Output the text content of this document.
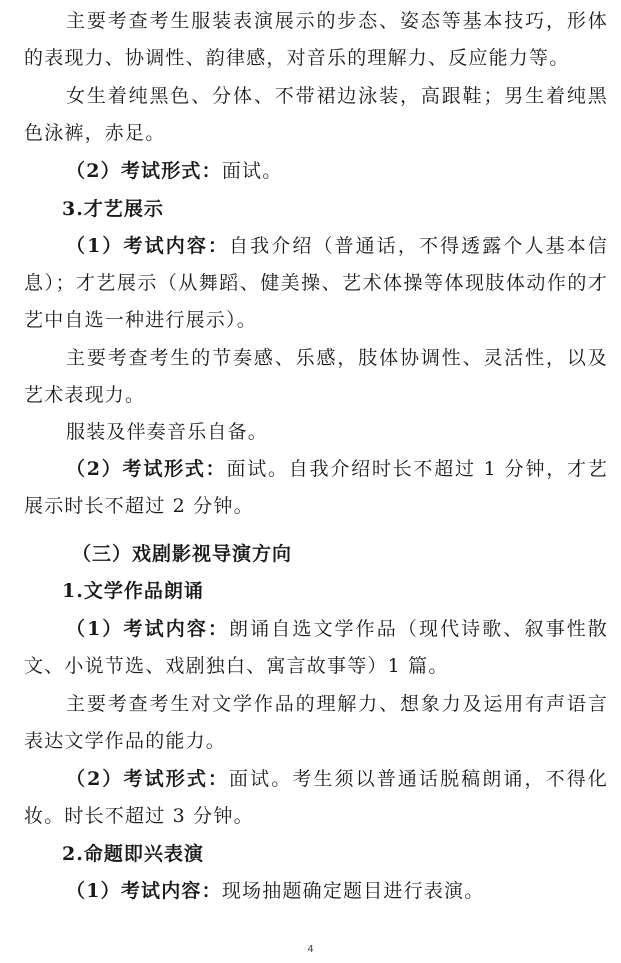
主要考查考生服装表演展示的步态、姿态等基本技巧，形体的表现力、协调性、韵律感，对音乐的理解力、反应能力等。

女生着纯黑色、分体、不带裙边泳装，高跟鞋；男生着纯黑色泳裤，赤足。

（2）考试形式：面试。

3.才艺展示

（1）考试内容：自我介绍（普通话，不得透露个人基本信息）；才艺展示（从舞蹈、健美操、艺术体操等体现肢体动作的才艺中自选一种进行展示）。

主要考查考生的节奏感、乐感，肢体协调性、灵活性，以及艺术表现力。

服装及伴奏音乐自备。

（2）考试形式：面试。自我介绍时长不超过 1 分钟，才艺展示时长不超过 2 分钟。

（三）戏剧影视导演方向
1.文学作品朗诵

（1）考试内容：朗诵自选文学作品（现代诗歌、叙事性散文、小说节选、戏剧独白、寓言故事等）1 篇。

主要考查考生对文学作品的理解力、想象力及运用有声语言表达文学作品的能力。

（2）考试形式：面试。考生须以普通话脱稿朗诵，不得化妆。时长不超过 3 分钟。

2.命题即兴表演

（1）考试内容：现场抽题确定题目进行表演。

4
